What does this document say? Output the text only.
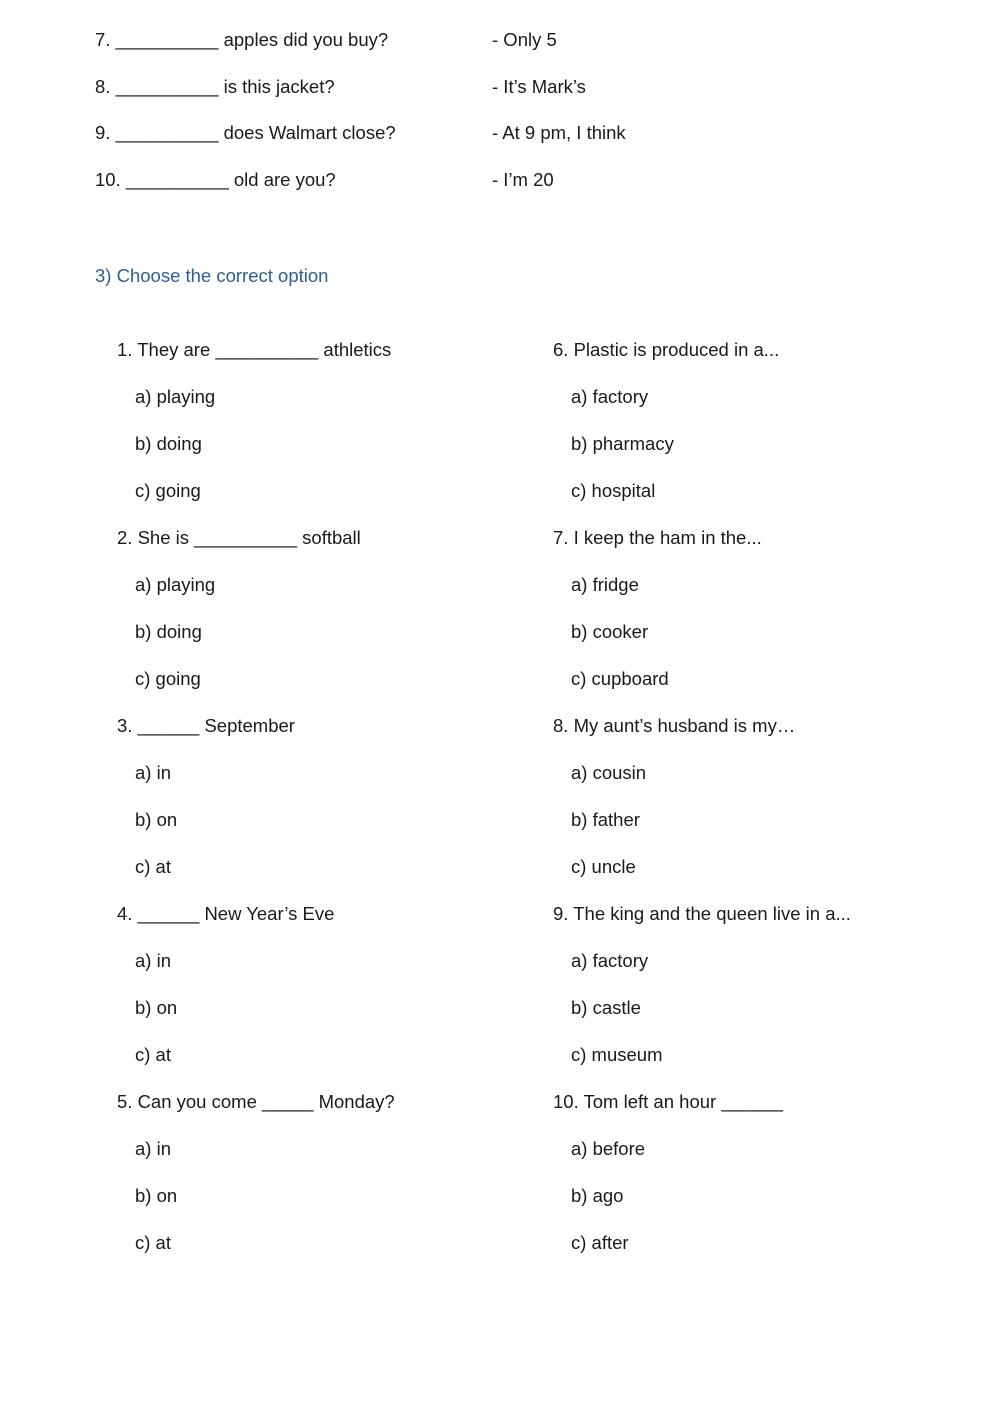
7. __________ apples did you buy?	- Only 5
8. __________ is this jacket?	- It’s Mark’s
9. __________ does Walmart close?	- At 9 pm, I think
10. __________ old are you?	- I’m 20
3) Choose the correct option
1. They are __________ athletics
a) playing
b) doing
c) going
2. She is __________ softball
a) playing
b) doing
c) going
3. ______ September
a) in
b) on
c) at
4. ______ New Year’s Eve
a) in
b) on
c) at
5. Can you come _____ Monday?
a) in
b) on
c) at
6. Plastic is produced in a...
a) factory
b) pharmacy
c) hospital
7. I keep the ham in the...
a) fridge
b) cooker
c) cupboard
8. My aunt’s husband is my…
a) cousin
b) father
c) uncle
9. The king and the queen live in a...
a) factory
b) castle
c) museum
10. Tom left an hour ______
a) before
b) ago
c) after
